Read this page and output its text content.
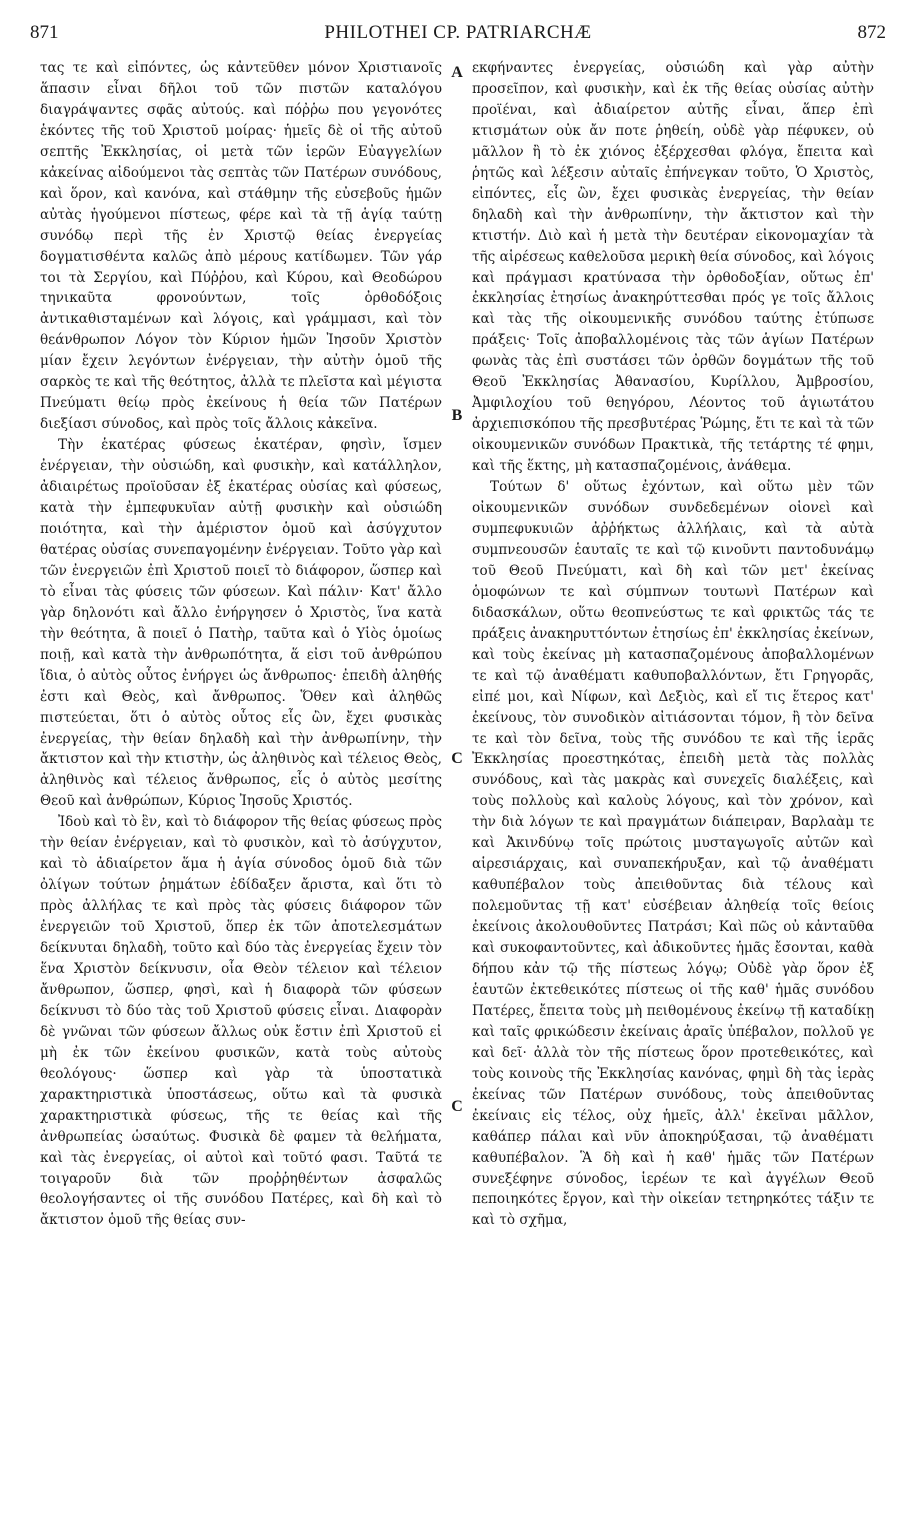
871	PHILOTHEI CP. PATRIARCHÆ	872

τας τε καὶ εἰπόντες, ὡς κἀντεῦθεν μόνον Χριστιανοῖς ἅπασιν εἶναι δῆλοι τοῦ τῶν πιστῶν καταλόγου διαγράψαντες σφᾶς αὐτούς. καὶ πόῤῥω που γεγονότες ἑκόντες τῆς τοῦ Χριστοῦ μοίρας· ἡμεῖς δὲ οἱ τῆς αὐτοῦ σεπτῆς Ἐκκλησίας, οἱ μετὰ τῶν ἱερῶν Εὐαγγελίων κἀκείνας αἰδούμενοι τὰς σεπτὰς τῶν Πατέρων συνόδους, καὶ ὅρον, καὶ κανόνα, καὶ στάθμην τῆς εὐσεβοῦς ἡμῶν αὐτὰς ἡγούμενοι πίστεως, φέρε καὶ τὰ τῇ ἁγίᾳ ταύτῃ συνόδῳ περὶ τῆς ἐν Χριστῷ θείας ἐνεργείας δογματισθέντα καλῶς ἀπὸ μέρους κατίδωμεν. Τῶν γάρ τοι τὰ Σεργίου, καὶ Πύῤῥου, καὶ Κύρου, καὶ Θεοδώρου τηνικαῦτα φρονούντων, τοῖς ὀρθοδόξοις ἀντικαθισταμένων καὶ λόγοις, καὶ γράμμασι, καὶ τὸν θεάνθρωπον Λόγον τὸν Κύριον ἡμῶν Ἰησοῦν Χριστὸν μίαν ἔχειν λεγόντων ἐνέργειαν, τὴν αὐτὴν ὁμοῦ τῆς σαρκὸς τε καὶ τῆς θεότητος, ἀλλὰ τε πλεῖστα καὶ μέγιστα Πνεύματι θείῳ πρὸς ἐκείνους ἡ θεία τῶν Πατέρων διεξίασι σύνοδος, καὶ πρὸς τοῖς ἄλλοις κἀκεῖνα.

Τὴν ἑκατέρας φύσεως ἑκατέραν, φησὶν, ἴσμεν ἐνέργειαν, τὴν οὐσιώδη, καὶ φυσικὴν, καὶ κατάλληλον, ἀδιαιρέτως προϊοῦσαν ἐξ ἑκατέρας οὐσίας καὶ φύσεως, κατὰ τὴν ἐμπεφυκυῖαν αὐτῇ φυσικὴν καὶ οὐσιώδη ποιότητα, καὶ τὴν ἀμέριστον ὁμοῦ καὶ ἀσύγχυτον θατέρας οὐσίας συνεπαγομένην ἐνέργειαν. Τοῦτο γὰρ καὶ τῶν ἐνεργειῶν ἐπὶ Χριστοῦ ποιεῖ τὸ διάφορον, ὥσπερ καὶ τὸ εἶναι τὰς φύσεις τῶν φύσεων. Καὶ πάλιν· Κατ' ἄλλο γὰρ δηλονότι καὶ ἄλλο ἐνήργησεν ὁ Χριστὸς, ἵνα κατὰ τὴν θεότητα, ἃ ποιεῖ ὁ Πατὴρ, ταῦτα καὶ ὁ Υἱὸς ὁμοίως ποιῇ, καὶ κατὰ τὴν ἀνθρωπότητα, ἅ εἰσι τοῦ ἀνθρώπου ἴδια, ὁ αὐτὸς οὗτος ἐνήργει ὡς ἄνθρωπος· ἐπειδὴ ἀληθής ἐστι καὶ Θεὸς, καὶ ἄνθρωπος. Ὅθεν καὶ ἀληθῶς πιστεύεται, ὅτι ὁ αὐτὸς οὗτος εἷς ὢν, ἔχει φυσικὰς ἐνεργείας, τὴν θείαν δηλαδὴ καὶ τὴν ἀνθρωπίνην, τὴν ἄκτιστον καὶ τὴν κτιστὴν, ὡς ἀληθινὸς καὶ τέλειος Θεὸς, ἀληθινὸς καὶ τέλειος ἄνθρωπος, εἷς ὁ αὐτὸς μεσίτης Θεοῦ καὶ ἀνθρώπων, Κύριος Ἰησοῦς Χριστός.

Ἰδοὺ καὶ τὸ ἓν, καὶ τὸ διάφορον τῆς θείας φύσεως πρὸς τὴν θείαν ἐνέργειαν, καὶ τὸ φυσικὸν, καὶ τὸ ἀσύγχυτον, καὶ τὸ ἀδιαίρετον ἅμα ἡ ἁγία σύνοδος ὁμοῦ διὰ τῶν ὀλίγων τούτων ῥημάτων ἐδίδαξεν ἄριστα, καὶ ὅτι τὸ πρὸς ἀλλήλας τε καὶ πρὸς τὰς φύσεις διάφορον τῶν ἐνεργειῶν τοῦ Χριστοῦ, ὅπερ ἐκ τῶν ἀποτελεσμάτων δείκνυται δηλαδὴ, τοῦτο καὶ δύο τὰς ἐνεργείας ἔχειν τὸν ἕνα Χριστὸν δείκνυσιν, οἷα Θεὸν τέλειον καὶ τέλειον ἄνθρωπον, ὥσπερ, φησὶ, καὶ ἡ διαφορὰ τῶν φύσεων δείκνυσι τὸ δύο τὰς τοῦ Χριστοῦ φύσεις εἶναι. Διαφορὰν δὲ γνῶναι τῶν φύσεων ἄλλως οὐκ ἔστιν ἐπὶ Χριστοῦ εἰ μὴ ἐκ τῶν ἐκείνου φυσικῶν, κατὰ τοὺς αὐτοὺς θεολόγους· ὥσπερ καὶ γὰρ τὰ ὑποστατικὰ χαρακτηριστικὰ ὑποστάσεως, οὕτω καὶ τὰ φυσικὰ χαρακτηριστικὰ φύσεως, τῆς τε θείας καὶ τῆς ἀνθρωπείας ὡσαύτως. Φυσικὰ δὲ φαμεν τὰ θελήματα, καὶ τὰς ἐνεργείας, οἱ αὐτοὶ καὶ τοῦτό φασι. Ταῦτά τε τοιγαροῦν διὰ τῶν προῤῥηθέντων ἀσφαλῶς θεολογήσαντες οἱ τῆς συνόδου Πατέρες, καὶ δὴ καὶ τὸ ἄκτιστον ὁμοῦ τῆς θείας συν-

A
B
C
C

εκφήναντες ἐνεργείας, οὐσιώδη καὶ γὰρ αὐτὴν προσεῖπον, καὶ φυσικὴν, καὶ ἐκ τῆς θείας οὐσίας αὐτὴν προϊέναι, καὶ ἀδιαίρετον αὐτῆς εἶναι, ἅπερ ἐπὶ κτισμάτων οὐκ ἄν ποτε ῥηθείη, οὐδὲ γὰρ πέφυκεν, οὐ μᾶλλον ἢ τὸ ἐκ χιόνος ἐξέρχεσθαι φλόγα, ἔπειτα καὶ ῥητῶς καὶ λέξεσιν αὐταῖς ἐπήνεγκαν τοῦτο, Ὁ Χριστὸς, εἰπόντες, εἷς ὢν, ἔχει φυσικὰς ἐνεργείας, τὴν θείαν δηλαδὴ καὶ τὴν ἀνθρωπίνην, τὴν ἄκτιστον καὶ τὴν κτιστήν. Διὸ καὶ ἡ μετὰ τὴν δευτέραν εἰκονομαχίαν τὰ τῆς αἱρέσεως καθελοῦσα μερικὴ θεία σύνοδος, καὶ λόγοις καὶ πράγμασι κρατύνασα τὴν ὀρθοδοξίαν, οὕτως ἐπ' ἐκκλησίας ἐτησίως ἀνακηρύττεσθαι πρός γε τοῖς ἄλλοις καὶ τὰς τῆς οἰκουμενικῆς συνόδου ταύτης ἐτύπωσε πράξεις· Τοῖς ἀποβαλλομένοις τὰς τῶν ἁγίων Πατέρων φωνὰς τὰς ἐπὶ συστάσει τῶν ὀρθῶν δογμάτων τῆς τοῦ Θεοῦ Ἐκκλησίας Ἀθανασίου, Κυρίλλου, Ἀμβροσίου, Ἀμφιλοχίου τοῦ θεηγόρου, Λέοντος τοῦ ἁγιωτάτου ἀρχιεπισκόπου τῆς πρεσβυτέρας Ῥώμης, ἔτι τε καὶ τὰ τῶν οἰκουμενικῶν συνόδων Πρακτικὰ, τῆς τετάρτης τέ φημι, καὶ τῆς ἕκτης, μὴ κατασπαζομένοις, ἀνάθεμα.

Τούτων δ' οὕτως ἐχόντων, καὶ οὕτω μὲν τῶν οἰκουμενικῶν συνόδων συνδεδεμένων οἱονεὶ καὶ συμπεφυκυιῶν ἀῤῥήκτως ἀλλήλαις, καὶ τὰ αὐτὰ συμπνεουσῶν ἑαυταῖς τε καὶ τῷ κινοῦντι παντοδυνάμῳ τοῦ Θεοῦ Πνεύματι, καὶ δὴ καὶ τῶν μετ' ἐκείνας ὁμοφώνων τε καὶ σύμπνων τουτωνὶ Πατέρων καὶ διδασκάλων, οὕτω θεοπνεύστως τε καὶ φρικτῶς τάς τε πράξεις ἀνακηρυττόντων ἐτησίως ἐπ' ἐκκλησίας ἐκείνων, καὶ τοὺς ἐκείνας μὴ κατασπαζομένους ἀποβαλλομένων τε καὶ τῷ ἀναθέματι καθυποβαλλόντων, ἔτι Γρηγορᾶς, εἰπέ μοι, καὶ Νίφων, καὶ Δεξιὸς, καὶ εἴ τις ἕτερος κατ' ἐκείνους, τὸν συνοδικὸν αἰτιάσονται τόμον, ἢ τὸν δεῖνα τε καὶ τὸν δεῖνα, τοὺς τῆς συνόδου τε καὶ τῆς ἱερᾶς Ἐκκλησίας προεστηκότας, ἐπειδὴ μετὰ τὰς πολλὰς συνόδους, καὶ τὰς μακρὰς καὶ συνεχεῖς διαλέξεις, καὶ τοὺς πολλοὺς καὶ καλοὺς λόγους, καὶ τὸν χρόνον, καὶ τὴν διὰ λόγων τε καὶ πραγμάτων διάπειραν, Βαρλαὰμ τε καὶ Ἀκινδύνῳ τοῖς πρώτοις μυσταγωγοῖς αὐτῶν καὶ αἱρεσιάρχαις, καὶ συναπεκήρυξαν, καὶ τῷ ἀναθέματι καθυπέβαλον τοὺς ἀπειθοῦντας διὰ τέλους καὶ πολεμοῦντας τῇ κατ' εὐσέβειαν ἀληθείᾳ τοῖς θείοις ἐκείνοις ἀκολουθοῦντες Πατράσι; Καὶ πῶς οὐ κἀνταῦθα καὶ συκοφαντοῦντες, καὶ ἀδικοῦντες ἡμᾶς ἔσονται, καθὰ δήπου κἀν τῷ τῆς πίστεως λόγῳ; Οὐδὲ γὰρ ὅρον ἐξ ἑαυτῶν ἐκτεθεικότες πίστεως οἱ τῆς καθ' ἡμᾶς συνόδου Πατέρες, ἔπειτα τοὺς μὴ πειθομένους ἐκείνῳ τῇ καταδίκῃ καὶ ταῖς φρικώδεσιν ἐκείναις ἀραῖς ὑπέβαλον, πολλοῦ γε καὶ δεῖ· ἀλλὰ τὸν τῆς πίστεως ὅρον προτεθεικότες, καὶ τοὺς κοινοὺς τῆς Ἐκκλησίας κανόνας, φημὶ δὴ τὰς ἱερὰς ἐκείνας τῶν Πατέρων συνόδους, τοὺς ἀπειθοῦντας ἐκείναις εἰς τέλος, οὐχ ἡμεῖς, ἀλλ' ἐκεῖναι μᾶλλον, καθάπερ πάλαι καὶ νῦν ἀποκηρύξασαι, τῷ ἀναθέματι καθυπέβαλον. Ἃ δὴ καὶ ἡ καθ' ἡμᾶς τῶν Πατέρων συνεξέφηνε σύνοδος, ἱερέων τε καὶ ἀγγέλων Θεοῦ πεποιηκότες ἔργον, καὶ τὴν οἰκείαν τετηρηκότες τάξιν τε καὶ τὸ σχῆμα,
